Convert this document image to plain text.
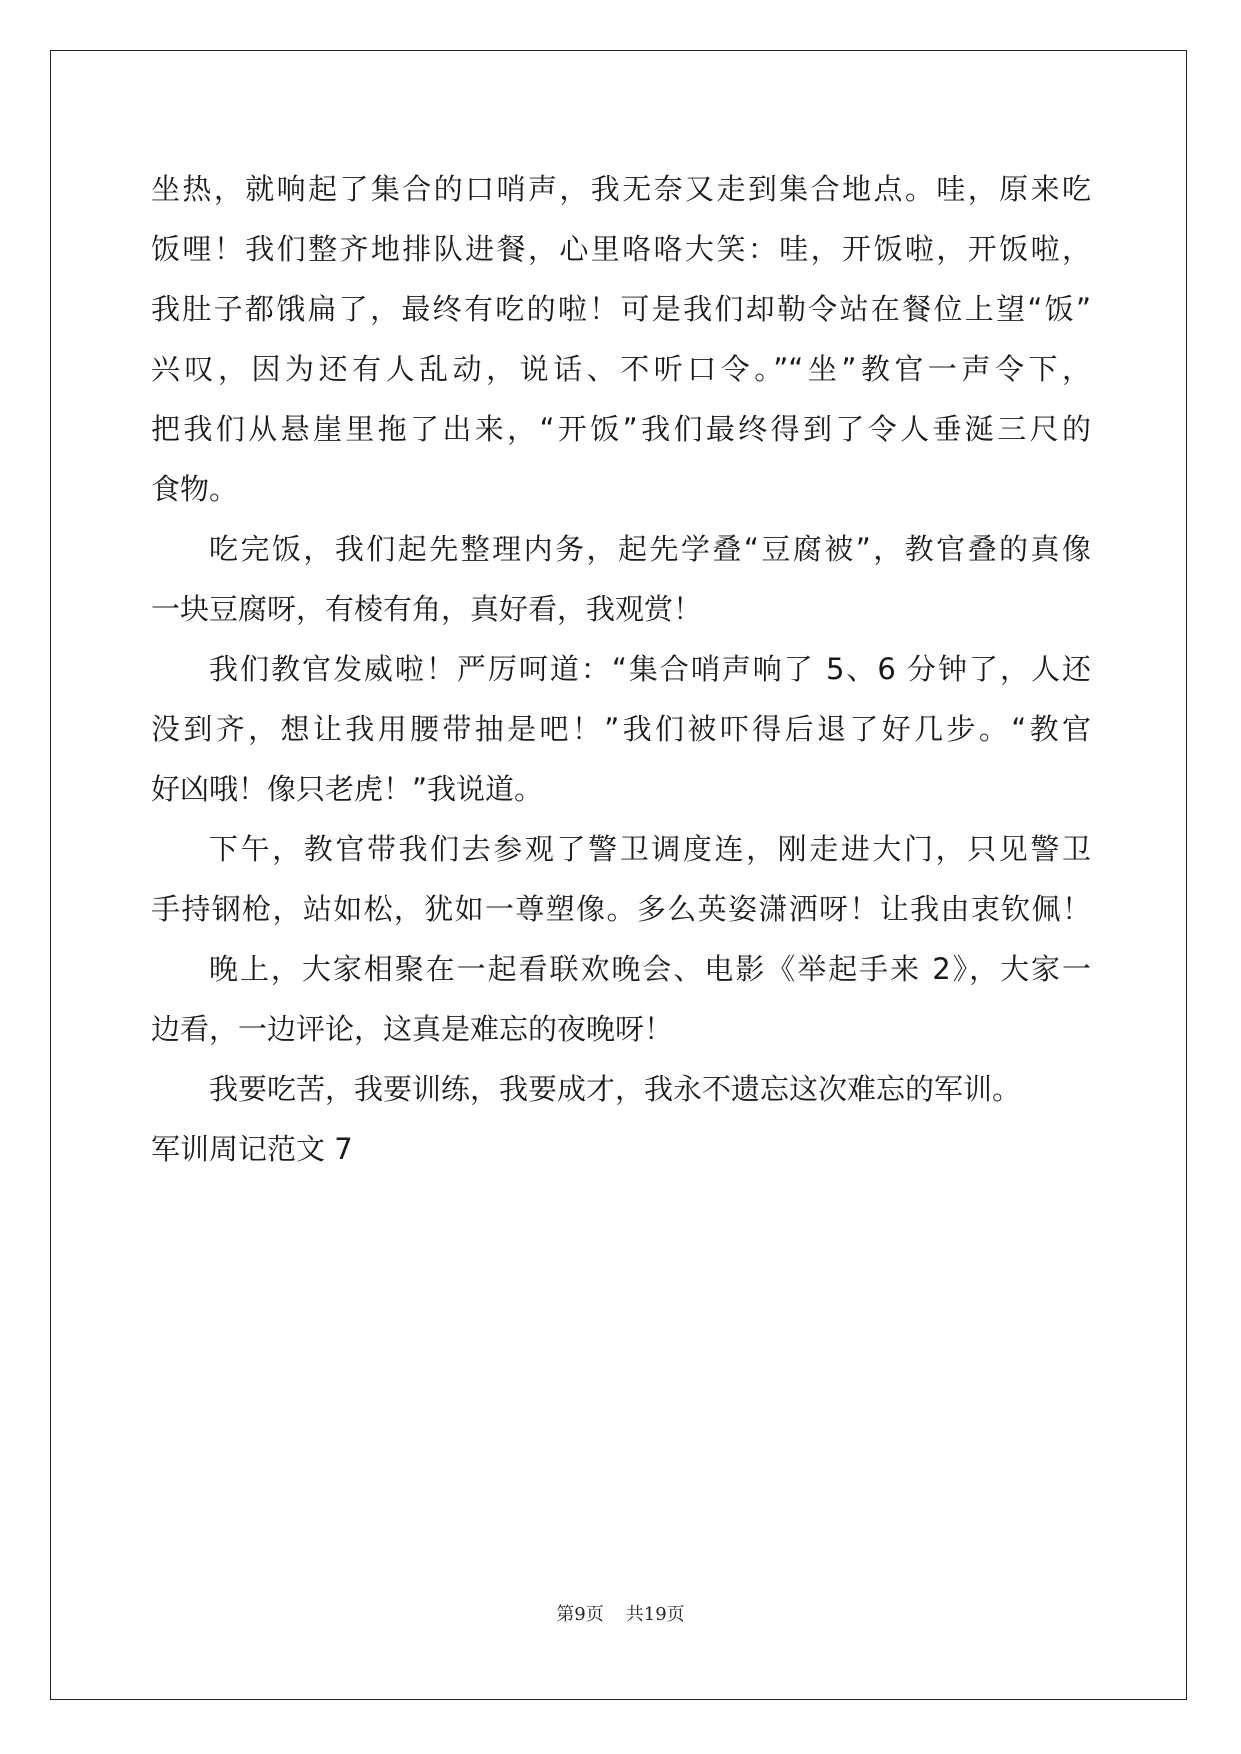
坐热，就响起了集合的口哨声，我无奈又走到集合地点。哇，原来吃
饭哩！我们整齐地排队进餐，心里咯咯大笑：哇，开饭啦，开饭啦，
我肚子都饿扁了，最终有吃的啦！可是我们却勒令站在餐位上望“饭”
兴叹，因为还有人乱动，说话、不听口令。”“坐”教官一声令下，
把我们从悬崖里拖了出来，“开饭”我们最终得到了令人垂涎三尺的
食物。
吃完饭，我们起先整理内务，起先学叠“豆腐被”，教官叠的真像
一块豆腐呀，有棱有角，真好看，我观赏！
我们教官发威啦！严厉呵道：“集合哨声响了 5、6 分钟了，人还
没到齐，想让我用腰带抽是吧！”我们被吓得后退了好几步。“教官
好凶哦！像只老虎！”我说道。
下午，教官带我们去参观了警卫调度连，刚走进大门，只见警卫
手持钢枪，站如松，犹如一尊塑像。多么英姿潇洒呀！让我由衷钦佩！
晚上，大家相聚在一起看联欢晚会、电影《举起手来 2》，大家一
边看，一边评论，这真是难忘的夜晚呀！
我要吃苦，我要训练，我要成才，我永不遗忘这次难忘的军训。
军训周记范文 7
第9页 共19页
